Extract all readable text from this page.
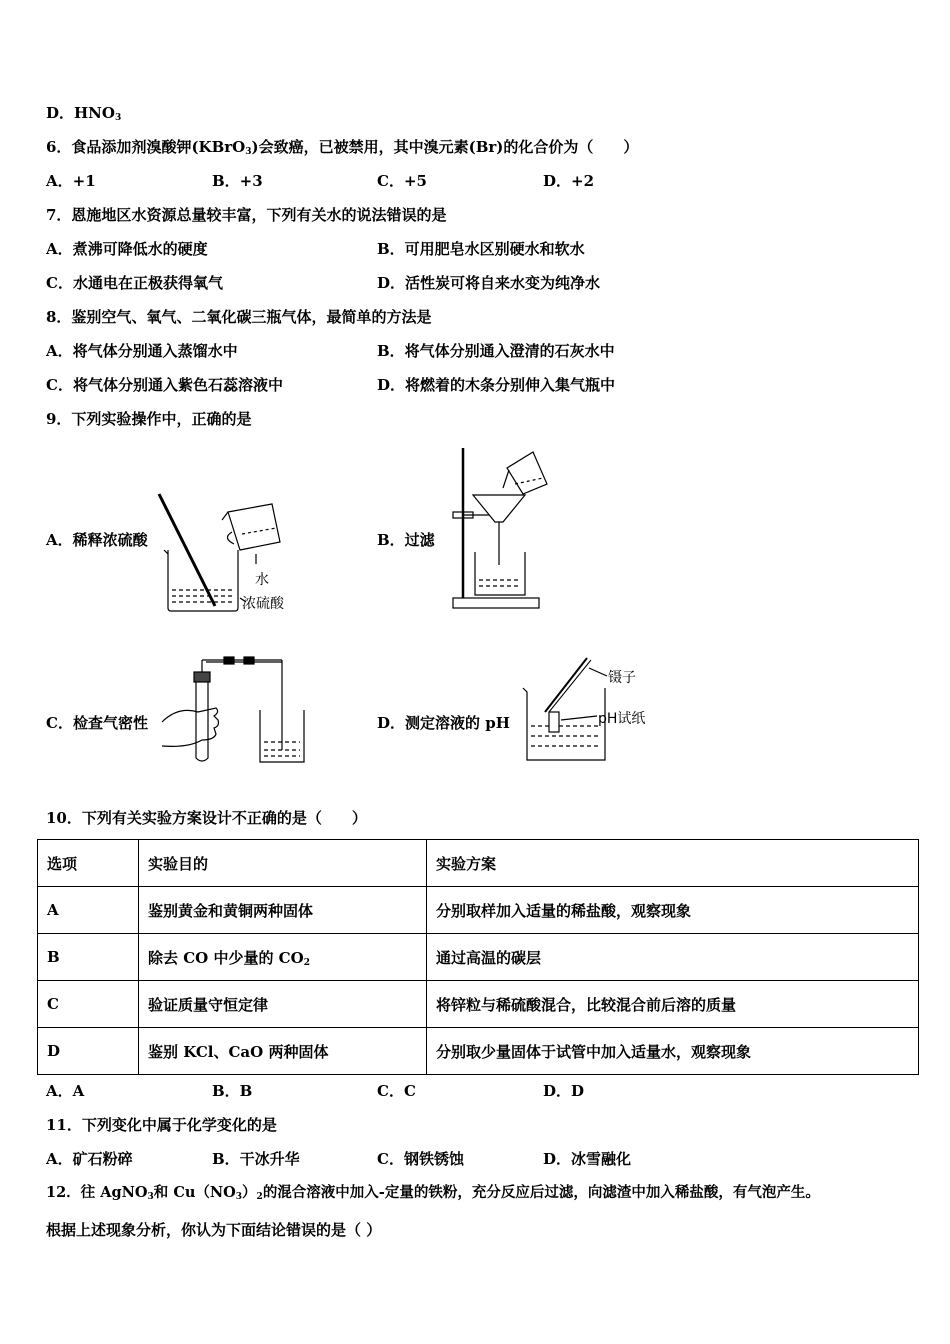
D．$HNO_3$
6．食品添加剂溴酸钾(KBrO$_3$)会致癌，已被禁用，其中溴元素(Br)的化合价为（　　）
A．+1	B．+3	C．+5	D．+2
7．恩施地区水资源总量较丰富，下列有关水的说法错误的是
A．煮沸可降低水的硬度	B．可用肥皂水区别硬水和软水
C．水通电在正极获得氧气	D．活性炭可将自来水变为纯净水
8．鉴别空气、氧气、二氧化碳三瓶气体，最简单的方法是
A．将气体分别通入蒸馏水中	B．将气体分别通入澄清的石灰水中
C．将气体分别通入紫色石蕊溶液中	D．将燃着的木条分别伸入集气瓶中
9．下列实验操作中，正确的是
A．稀释浓硫酸	B．过滤
C．检查气密性	D．测定溶液的 pH
水
浓硫酸
镊子
pH试纸
10．下列有关实验方案设计不正确的是（　　）
选项	实验目的	实验方案
A	鉴别黄金和黄铜两种固体	分别取样加入适量的稀盐酸，观察现象
B	除去 CO 中少量的 $CO_2$	通过高温的碳层
C	验证质量守恒定律	将锌粒与稀硫酸混合，比较混合前后溶的质量
D	鉴别 KCl、CaO 两种固体	分别取少量固体于试管中加入适量水，观察现象
A．A	B．B	C．C	D．D
11．下列变化中属于化学变化的是
A．矿石粉碎	B．干冰升华	C．钢铁锈蚀	D．冰雪融化
12．往 AgNO$_3$和 $Cu(NO_3)_2$的混合溶液中加入-定量的铁粉，充分反应后过滤，向滤渣中加入稀盐酸，有气泡产生。
根据上述现象分析，你认为下面结论错误的是（ ）
